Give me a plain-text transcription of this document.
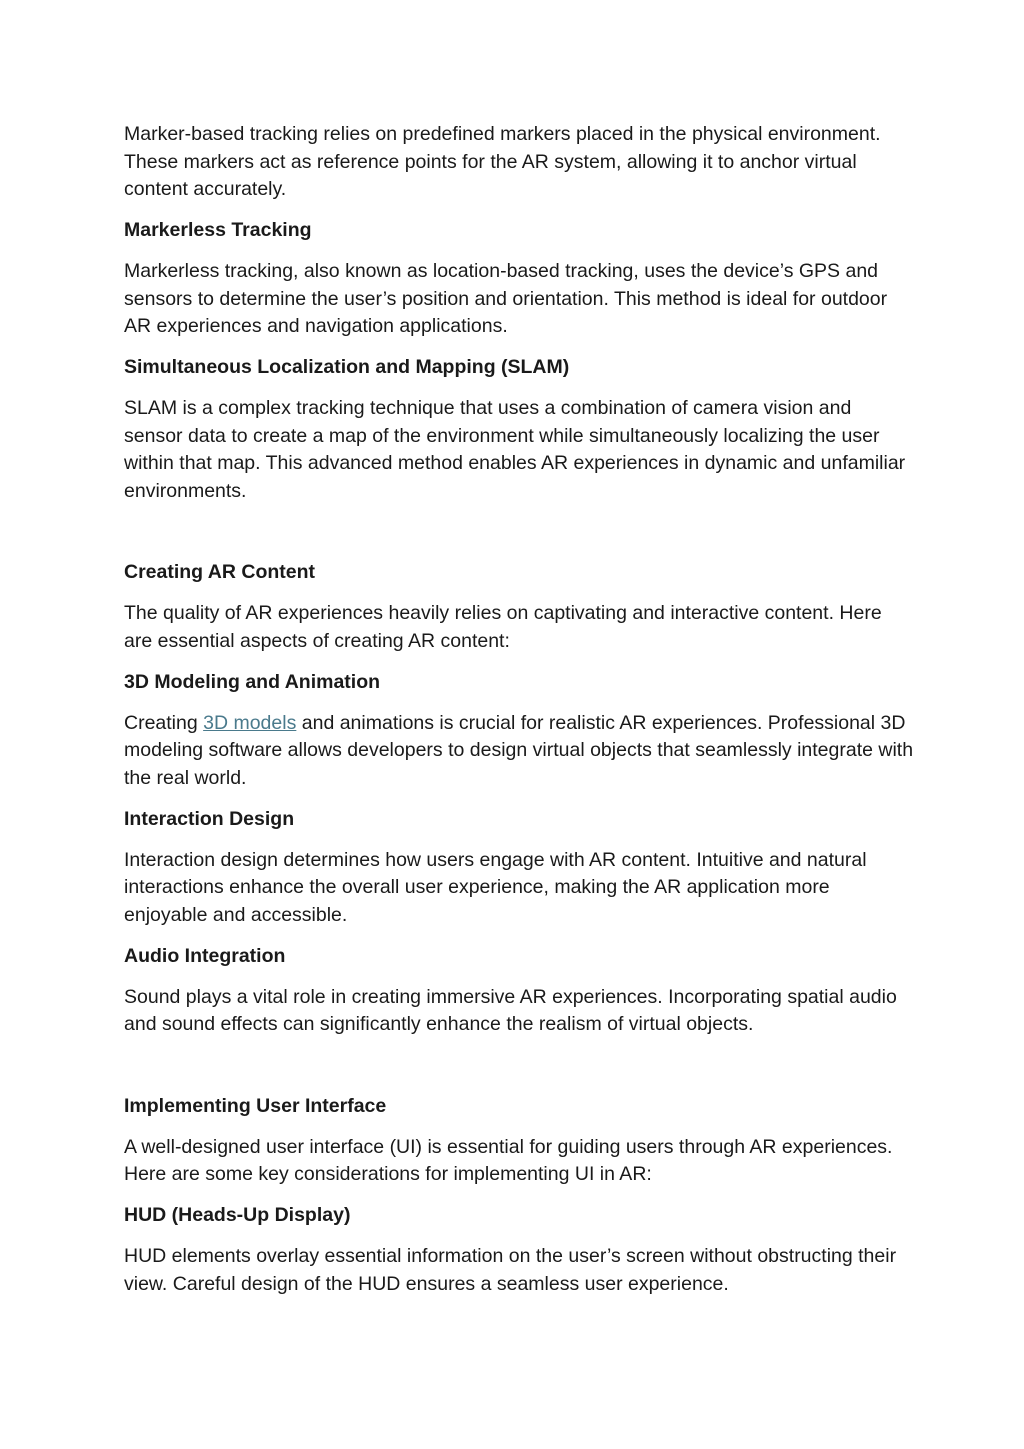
Marker-based tracking relies on predefined markers placed in the physical environment. These markers act as reference points for the AR system, allowing it to anchor virtual content accurately.

Markerless Tracking

Markerless tracking, also known as location-based tracking, uses the device’s GPS and sensors to determine the user’s position and orientation. This method is ideal for outdoor AR experiences and navigation applications.

Simultaneous Localization and Mapping (SLAM)

SLAM is a complex tracking technique that uses a combination of camera vision and sensor data to create a map of the environment while simultaneously localizing the user within that map. This advanced method enables AR experiences in dynamic and unfamiliar environments.

Creating AR Content

The quality of AR experiences heavily relies on captivating and interactive content. Here are essential aspects of creating AR content:

3D Modeling and Animation

Creating 3D models and animations is crucial for realistic AR experiences. Professional 3D modeling software allows developers to design virtual objects that seamlessly integrate with the real world.

Interaction Design

Interaction design determines how users engage with AR content. Intuitive and natural interactions enhance the overall user experience, making the AR application more enjoyable and accessible.

Audio Integration

Sound plays a vital role in creating immersive AR experiences. Incorporating spatial audio and sound effects can significantly enhance the realism of virtual objects.

Implementing User Interface

A well-designed user interface (UI) is essential for guiding users through AR experiences. Here are some key considerations for implementing UI in AR:

HUD (Heads-Up Display)

HUD elements overlay essential information on the user’s screen without obstructing their view. Careful design of the HUD ensures a seamless user experience.
